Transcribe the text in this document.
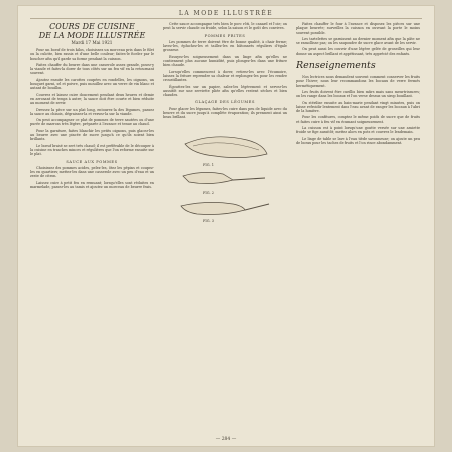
LA MODE ILLUSTRÉE
COURS DE CUISINE
DE LA MODE ILLUSTRÉE
Mardi 17 Mai 1921

Pour un boeuf de trois kilos, choisissez un morceau pris dans le filet ou la culotte, bien rassis et d'une belle couleur; faites-le ficeler par le boucher afin qu'il garde sa forme pendant la cuisson.

Faites chauffer du beurre dans une casserole assez grande, posez-y la viande et faites-la dorer de tous côtés sur un feu vif en la retournant souvent.

Ajoutez ensuite les carottes coupées en rondelles, les oignons, un bouquet garni, sel et poivre, puis mouillez avec un verre de vin blanc et autant de bouillon.

Couvrez et laissez cuire doucement pendant deux heures et demie en arrosant de temps à autre; la sauce doit être courte et bien réduite au moment de servir.

Dressez la pièce sur un plat long, entourez-la des légumes, passez la sauce au chinois, dégraissez-la et versez-la sur la viande.

On peut accompagner ce plat de pommes de terre sautées ou d'une purée de marrons très légère, préparée à l'avance et tenue au chaud.

Pour la garniture, faites blanchir les petits oignons, puis glacez-les au beurre avec une pincée de sucre jusqu'à ce qu'ils soient bien brillants.

Le boeuf braisé se sert très chaud; il est préférable de le découper à la cuisine en tranches minces et régulières que l'on reforme ensuite sur le plat.

SAUCE AUX POMMES

Choisissez des pommes acides, pelez-les, ôtez les pépins et coupez-les en quartiers; mettez-les dans une casserole avec un peu d'eau et un zeste de citron.

Laissez cuire à petit feu en remuant; lorsqu'elles sont réduites en marmelade, passez-les au tamis et ajoutez un morceau de beurre frais.

Cette sauce accompagne très bien le porc rôti, le canard et l'oie; on peut la servir chaude ou froide, selon la saison et le goût des convives.

POMMES FRITES

Les pommes de terre doivent être de bonne qualité, à chair ferme; lavez-les, épluchez-les et taillez-les en bâtonnets réguliers d'égale grosseur.

Essuyez-les soigneusement dans un linge afin qu'elles ne contiennent plus aucune humidité, puis plongez-les dans une friture bien chaude.

Lorsqu'elles commencent à dorer, retirez-les avec l'écumoire, laissez la friture reprendre sa chaleur et replongez-les pour les rendre croustillantes.

Égouttez-les sur un papier, salez-les légèrement et servez-les aussitôt sur une serviette pliée afin qu'elles restent sèches et bien chaudes.

GLAÇAGE DES LÉGUMES

Pour glacer les légumes, faites-les cuire dans peu de liquide avec du beurre et du sucre jusqu'à complète évaporation; ils prennent ainsi un beau brillant.

FIG. 1
FIG. 2
FIG. 3

Faites chauffer le four à l'avance et disposez les pièces sur une plaque beurrée; surveillez la cuisson en ouvrant la porte le moins souvent possible.

Les tartelettes se garnissent au dernier moment afin que la pâte ne se ramollisse pas; on les saupoudre de sucre glace avant de les servir.

On peut aussi les couvrir d'une légère gelée de groseilles qui leur donne un aspect brillant et appétissant, très apprécié des enfants.

Renseignements

Nos lectrices nous demandent souvent comment conserver les fruits pour l'hiver; nous leur recommandons les bocaux de verre fermés hermétiquement.

Les fruits doivent être cueillis bien mûrs mais sans meurtrissures; on les range dans les bocaux et l'on verse dessus un sirop bouillant.

On stérilise ensuite au bain-marie pendant vingt minutes, puis on laisse refroidir lentement dans l'eau avant de ranger les bocaux à l'abri de la lumière.

Pour les confitures, comptez le même poids de sucre que de fruits et faites cuire à feu vif en écumant soigneusement.

La cuisson est à point lorsqu'une goutte versée sur une assiette froide se fige aussitôt; mettez alors en pots et couvrez le lendemain.

Le linge de table se lave à l'eau tiède savonneuse; on ajoute un peu de borax pour les taches de fruits et l'on rince abondamment.

— 284 —
